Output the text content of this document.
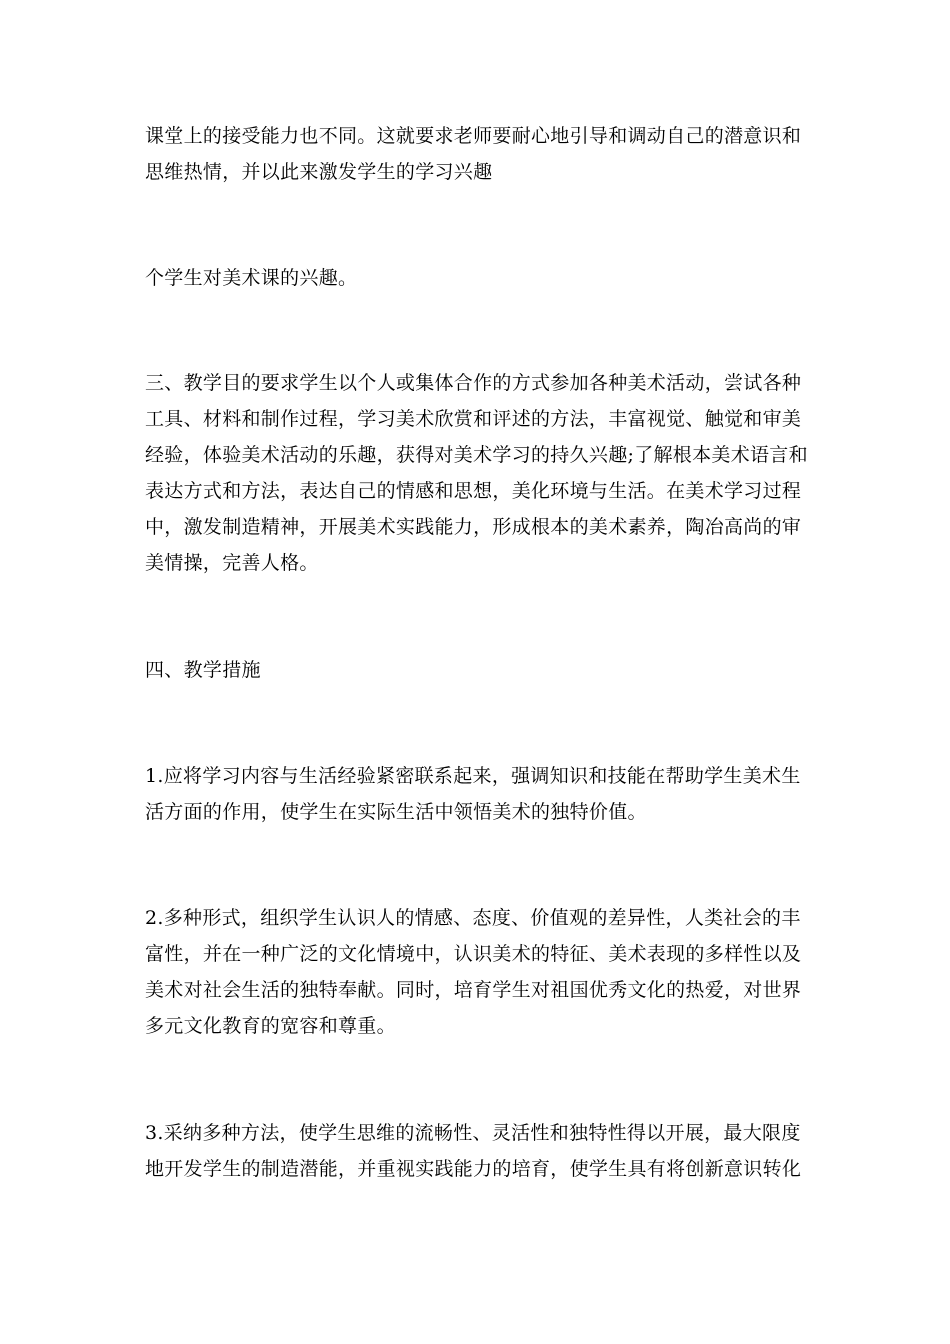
课堂上的接受能力也不同。这就要求老师要耐心地引导和调动自己的潜意识和
思维热情，并以此来激发学生的学习兴趣
个学生对美术课的兴趣。
三、教学目的要求学生以个人或集体合作的方式参加各种美术活动，尝试各种
工具、材料和制作过程，学习美术欣赏和评述的方法，丰富视觉、触觉和审美
经验，体验美术活动的乐趣，获得对美术学习的持久兴趣;了解根本美术语言和
表达方式和方法，表达自己的情感和思想，美化环境与生活。在美术学习过程
中，激发制造精神，开展美术实践能力，形成根本的美术素养，陶冶高尚的审
美情操，完善人格。
四、教学措施
1.应将学习内容与生活经验紧密联系起来，强调知识和技能在帮助学生美术生
活方面的作用，使学生在实际生活中领悟美术的独特价值。
2.多种形式，组织学生认识人的情感、态度、价值观的差异性，人类社会的丰
富性，并在一种广泛的文化情境中，认识美术的特征、美术表现的多样性以及
美术对社会生活的独特奉献。同时，培育学生对祖国优秀文化的热爱，对世界
多元文化教育的宽容和尊重。
3.采纳多种方法，使学生思维的流畅性、灵活性和独特性得以开展，最大限度
地开发学生的制造潜能，并重视实践能力的培育，使学生具有将创新意识转化
